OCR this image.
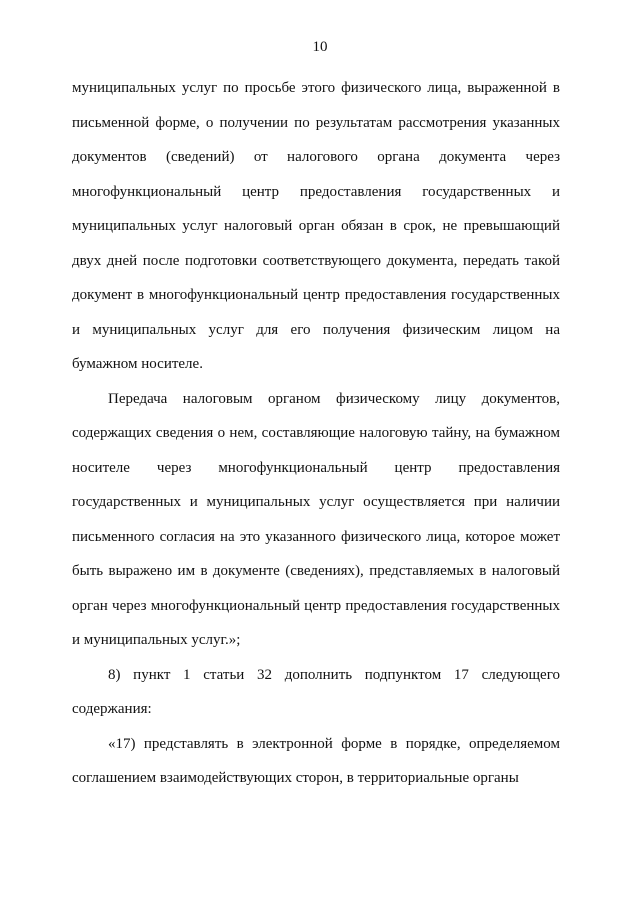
10

муниципальных услуг по просьбе этого физического лица, выраженной в письменной форме, о получении по результатам рассмотрения указанных документов (сведений) от налогового органа документа через многофункциональный центр предоставления государственных и муниципальных услуг налоговый орган обязан в срок, не превышающий двух дней после подготовки соответствующего документа, передать такой документ в многофункциональный центр предоставления государственных и муниципальных услуг для его получения физическим лицом на бумажном носителе.

Передача налоговым органом физическому лицу документов, содержащих сведения о нем, составляющие налоговую тайну, на бумажном носителе через многофункциональный центр предоставления государственных и муниципальных услуг осуществляется при наличии письменного согласия на это указанного физического лица, которое может быть выражено им в документе (сведениях), представляемых в налоговый орган через многофункциональный центр предоставления государственных и муниципальных услуг.»;

8) пункт 1 статьи 32 дополнить подпунктом 17 следующего содержания:

«17) представлять в электронной форме в порядке, определяемом соглашением взаимодействующих сторон, в территориальные органы
